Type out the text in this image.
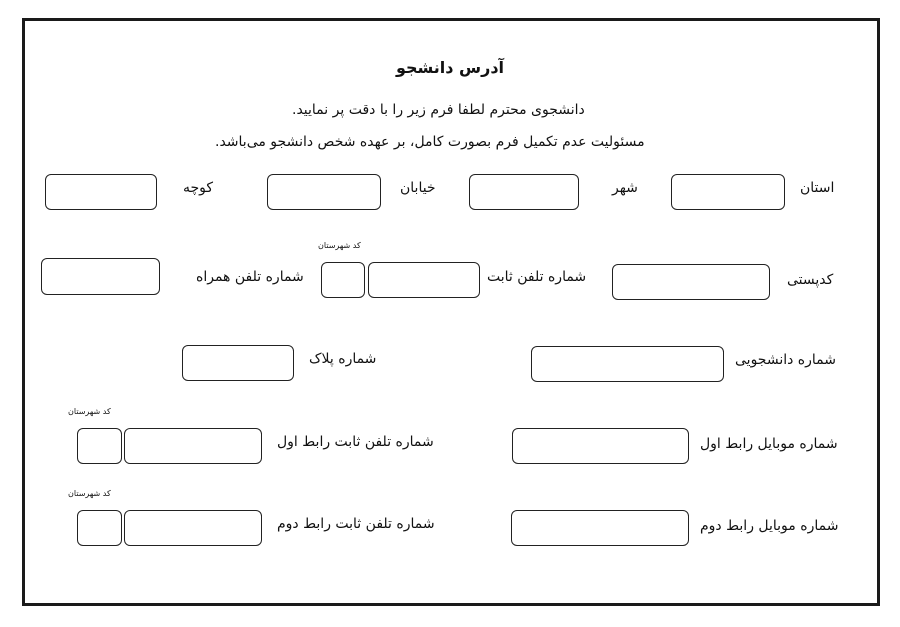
آدرس دانشجو
دانشجوی محترم لطفا فرم زیر را با دقت پر نمایید.
مسئولیت عدم تکمیل فرم بصورت کامل، بر عهده شخص دانشجو می‌باشد.
استان
شهر
خیابان
کوچه
کدپستی
شماره تلفن ثابت
کد شهرستان
شماره تلفن همراه
شماره دانشجویی
شماره پلاک
شماره موبایل رابط اول
شماره تلفن ثابت رابط اول
کد شهرستان
شماره موبایل رابط دوم
شماره تلفن ثابت رابط دوم
کد شهرستان
